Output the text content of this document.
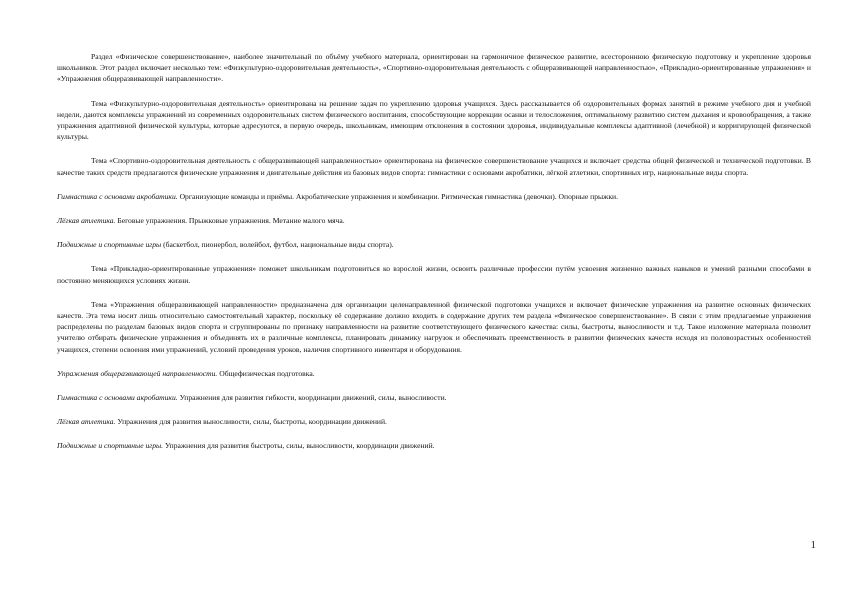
Раздел «Физическое совершенствование», наиболее значительный по объёму учебного материала, ориентирован на гармоничное физическое развитие, всестороннюю физическую подготовку и укрепление здоровья школьников. Этот раздел включает несколько тем: «Физкультурно-оздоровительная деятельность», «Спортивно-оздоровительная деятельность с общеразвивающей направленностью», «Прикладно-ориентированные упражнения» и «Упражнения общеразвивающей направленности».

Тема «Физкультурно-оздоровительная деятельность» ориентирована на решение задач по укреплению здоровья учащихся. Здесь рассказывается об оздоровительных формах занятий в режиме учебного дня и учебной недели, даются комплексы упражнений из современных оздоровительных систем физического воспитания, способствующие коррекции осанки и телосложения, оптимальному развитию систем дыхания и кровообращения, а также упражнения адаптивной физической культуры, которые адресуются, в первую очередь, школьникам, имеющим отклонения в состоянии здоровья, индивидуальные комплексы адаптивной (лечебной) и корригирующей физической культуры.

Тема «Спортивно-оздоровительная деятельность с общеразвивающей направленностью» ориентирована на физическое совершенствование учащихся и включает средства общей физической и технической подготовки. В качестве таких средств предлагаются физические упражнения и двигательные действия из базовых видов спорта: гимнастики с основами акробатики, лёгкой атлетики, спортивных игр, национальные виды спорта.

Гимнастика с основами акробатики. Организующие команды и приёмы. Акробатические упражнения и комбинации. Ритмическая гимнастика (девочки). Опорные прыжки.

Лёгкая атлетика. Беговые упражнения. Прыжковые упражнения. Метание малого мяча.

Подвижные и спортивные игры (баскетбол, пионербол, волейбол, футбол, национальные виды спорта).

Тема «Прикладно-ориентированные упражнения» поможет школьникам подготовиться ко взрослой жизни, освоить различные профессии путём усвоения жизненно важных навыков и умений разными способами в постоянно меняющихся условиях жизни.

Тема «Упражнения общеразвивающей направленности» предназначена для организации целенаправленной физической подготовки учащихся и включает физические упражнения на развитие основных физических качеств. Эта тема носит лишь относительно самостоятельный характер, поскольку её содержание должно входить в содержание других тем раздела «Физическое совершенствование». В связи с этим предлагаемые упражнения распределены по разделам базовых видов спорта и сгруппированы по признаку направленности на развитие соответствующего физического качества: силы, быстроты, выносливости и т.д. Такое изложение материала позволит учителю отбирать физические упражнения и объединять их в различные комплексы, планировать динамику нагрузок и обеспечивать преемственность в развитии физических качеств исходя из половозрастных особенностей учащихся, степени освоения ими упражнений, условий проведения уроков, наличия спортивного инвентаря и оборудования.

Упражнения общеразвивающей направленности. Общефизическая подготовка.

Гимнастика с основами акробатики. Упражнения для развития гибкости, координации движений, силы, выносливости.

Лёгкая атлетика. Упражнения для развития выносливости, силы, быстроты, координации движений.

Подвижные и спортивные игры. Упражнения для развития быстроты, силы, выносливости, координации движений.

1
